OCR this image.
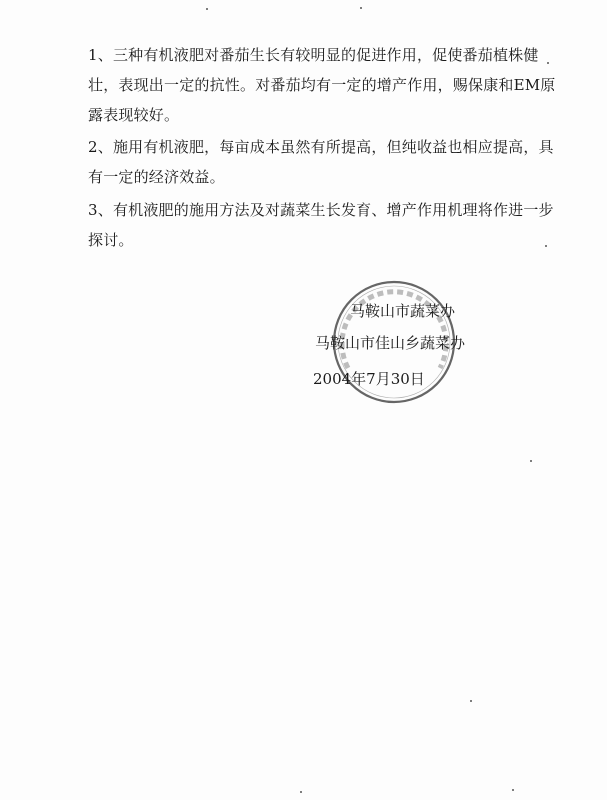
1、三种有机液肥对番茄生长有较明显的促进作用，促使番茄植株健壮，表现出一定的抗性。对番茄均有一定的增产作用，赐保康和EM原露表现较好。

2、施用有机液肥，每亩成本虽然有所提高，但纯收益也相应提高，具有一定的经济效益。

3、有机液肥的施用方法及对蔬菜生长发育、增产作用机理将作进一步探讨。

马鞍山市蔬菜办
马鞍山市佳山乡蔬菜办
2004年7月30日
